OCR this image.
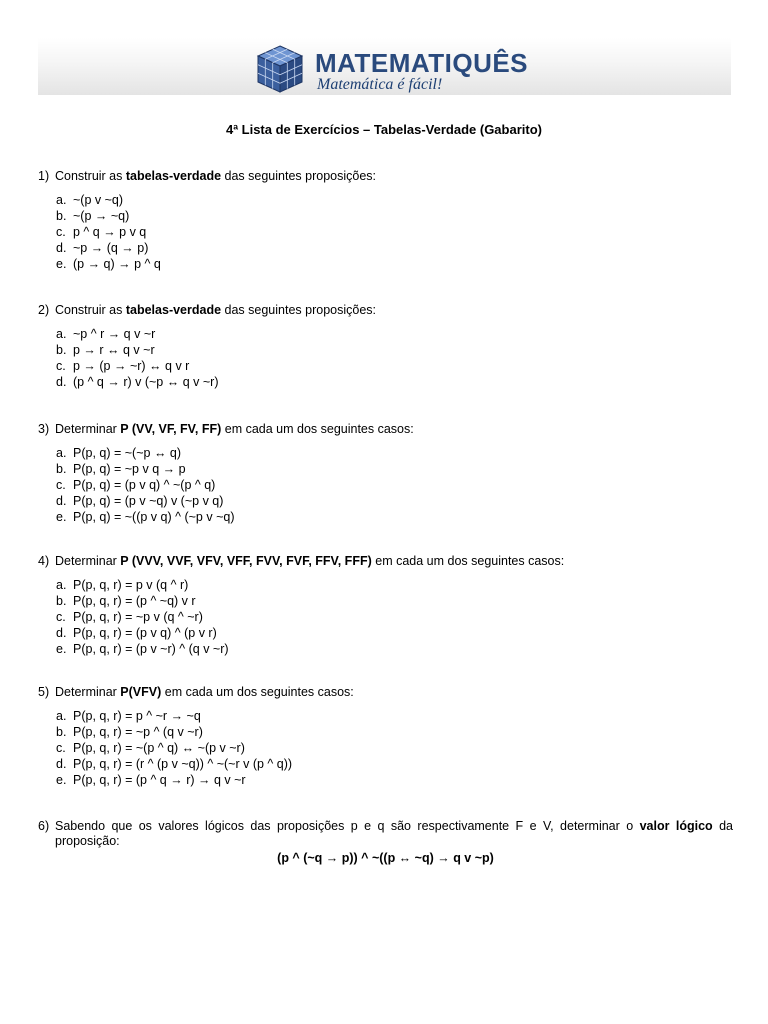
MATEMATIQUÊS
Matemática é fácil!
4ª Lista de Exercícios – Tabelas-Verdade (Gabarito)
1) Construir as tabelas-verdade das seguintes proposições:
a. ~(p v ~q)
b. ~(p → ~q)
c. p ^ q → p v q
d. ~p → (q → p)
e. (p → q) → p ^ q
2) Construir as tabelas-verdade das seguintes proposições:
a. ~p ^ r → q v ~r
b. p → r ↔ q v ~r
c. p → (p → ~r) ↔ q v r
d. (p ^ q → r) v (~p ↔ q v ~r)
3) Determinar P (VV, VF, FV, FF) em cada um dos seguintes casos:
a. P(p, q) = ~(~p ↔ q)
b. P(p, q) = ~p v q → p
c. P(p, q) = (p v q) ^ ~(p ^ q)
d. P(p, q) = (p v ~q) v (~p v q)
e. P(p, q) = ~((p v q) ^ (~p v ~q)
4) Determinar P (VVV, VVF, VFV, VFF, FVV, FVF, FFV, FFF) em cada um dos seguintes casos:
a. P(p, q, r) = p v (q ^ r)
b. P(p, q, r) = (p ^ ~q) v r
c. P(p, q, r) = ~p v (q ^ ~r)
d. P(p, q, r) = (p v q) ^ (p v r)
e. P(p, q, r) = (p v ~r) ^ (q v ~r)
5) Determinar P(VFV) em cada um dos seguintes casos:
a. P(p, q, r) = p ^ ~r → ~q
b. P(p, q, r) = ~p ^ (q v ~r)
c. P(p, q, r) = ~(p ^ q) ↔ ~(p v ~r)
d. P(p, q, r) = (r ^ (p v ~q)) ^ ~(~r v (p ^ q))
e. P(p, q, r) = (p ^ q → r) → q v ~r
6) Sabendo que os valores lógicos das proposições p e q são respectivamente F e V, determinar o valor lógico da proposição:
(p ^ (~q → p)) ^ ~((p ↔ ~q) → q v ~p)
